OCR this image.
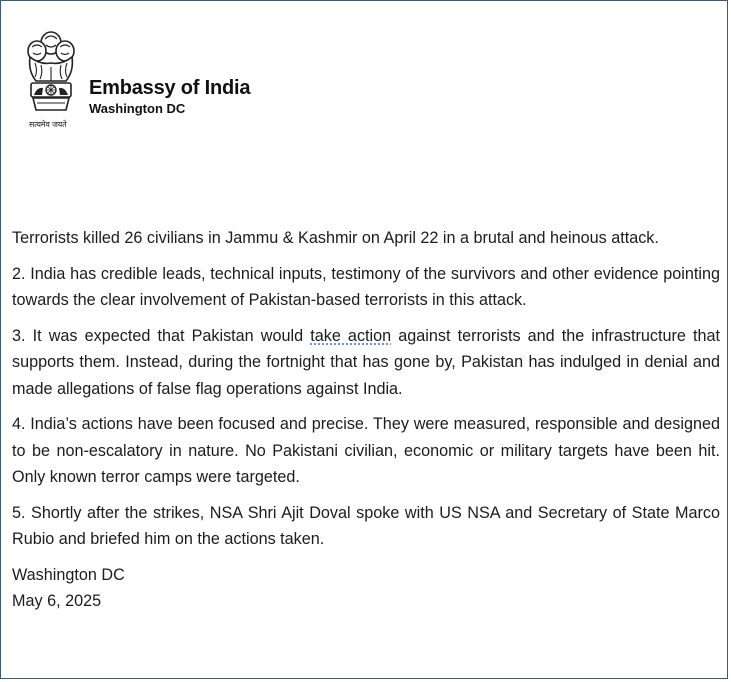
सत्यमेव जयते
Embassy of India
Washington DC

Terrorists killed 26 civilians in Jammu & Kashmir on April 22 in a brutal and heinous attack.

2. India has credible leads, technical inputs, testimony of the survivors and other evidence pointing towards the clear involvement of Pakistan-based terrorists in this attack.

3. It was expected that Pakistan would take action against terrorists and the infrastructure that supports them. Instead, during the fortnight that has gone by, Pakistan has indulged in denial and made allegations of false flag operations against India.

4. India’s actions have been focused and precise. They were measured, responsible and designed to be non-escalatory in nature. No Pakistani civilian, economic or military targets have been hit. Only known terror camps were targeted.

5. Shortly after the strikes, NSA Shri Ajit Doval spoke with US NSA and Secretary of State Marco Rubio and briefed him on the actions taken.

Washington DC

May 6, 2025
